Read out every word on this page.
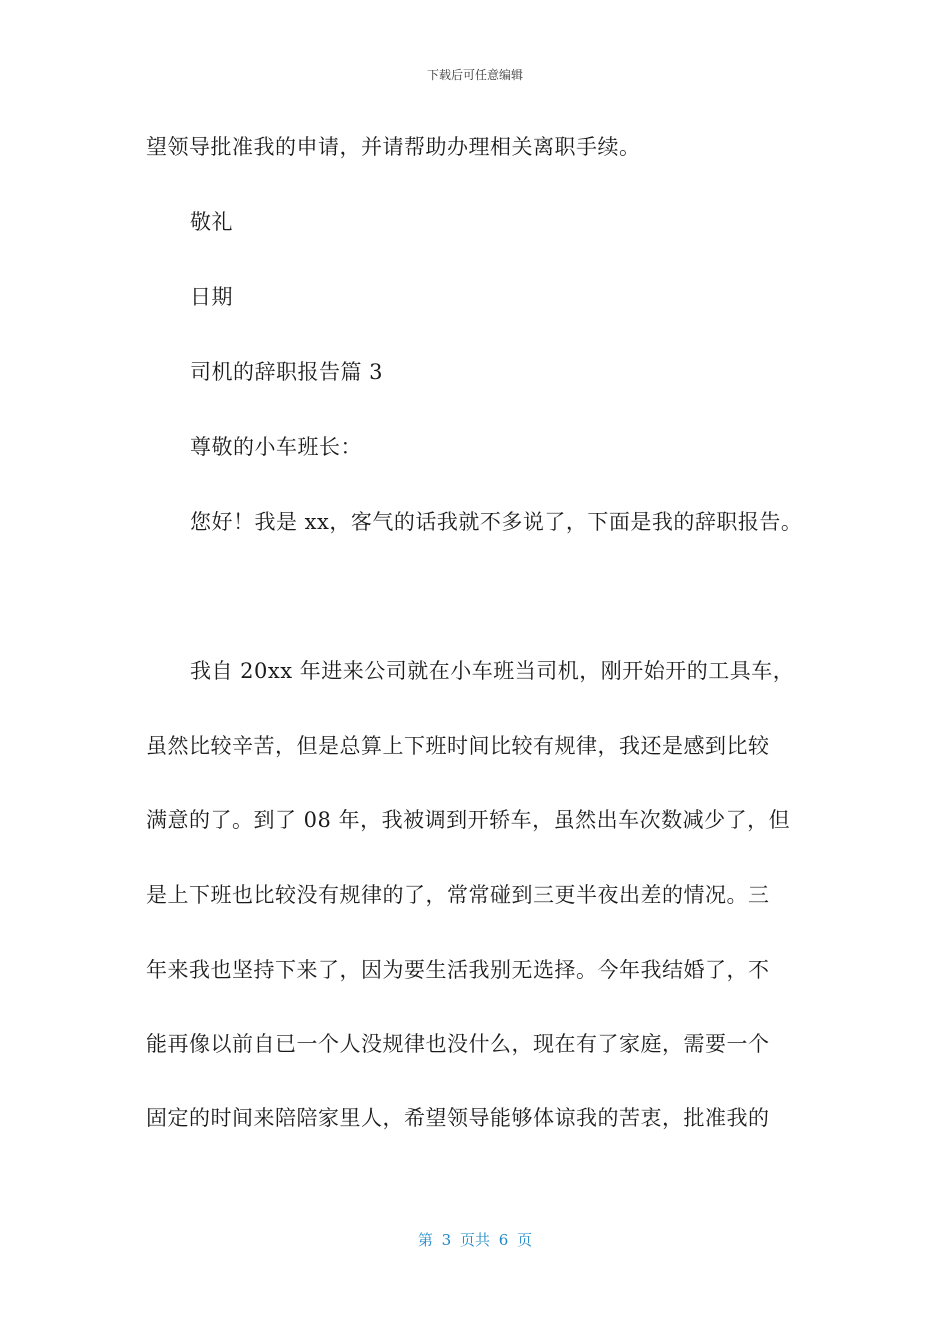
下载后可任意编辑
望领导批准我的申请，并请帮助办理相关离职手续。
敬礼
日期
司机的辞职报告篇 3
尊敬的小车班长：
您好！我是 xx，客气的话我就不多说了，下面是我的辞职报告。
我自 20xx 年进来公司就在小车班当司机，刚开始开的工具车，
虽然比较辛苦，但是总算上下班时间比较有规律，我还是感到比较
满意的了。到了 08 年，我被调到开轿车，虽然出车次数减少了，但
是上下班也比较没有规律的了，常常碰到三更半夜出差的情况。三
年来我也坚持下来了，因为要生活我别无选择。今年我结婚了，不
能再像以前自已一个人没规律也没什么，现在有了家庭，需要一个
固定的时间来陪陪家里人，希望领导能够体谅我的苦衷，批准我的
第 3 页共 6 页
